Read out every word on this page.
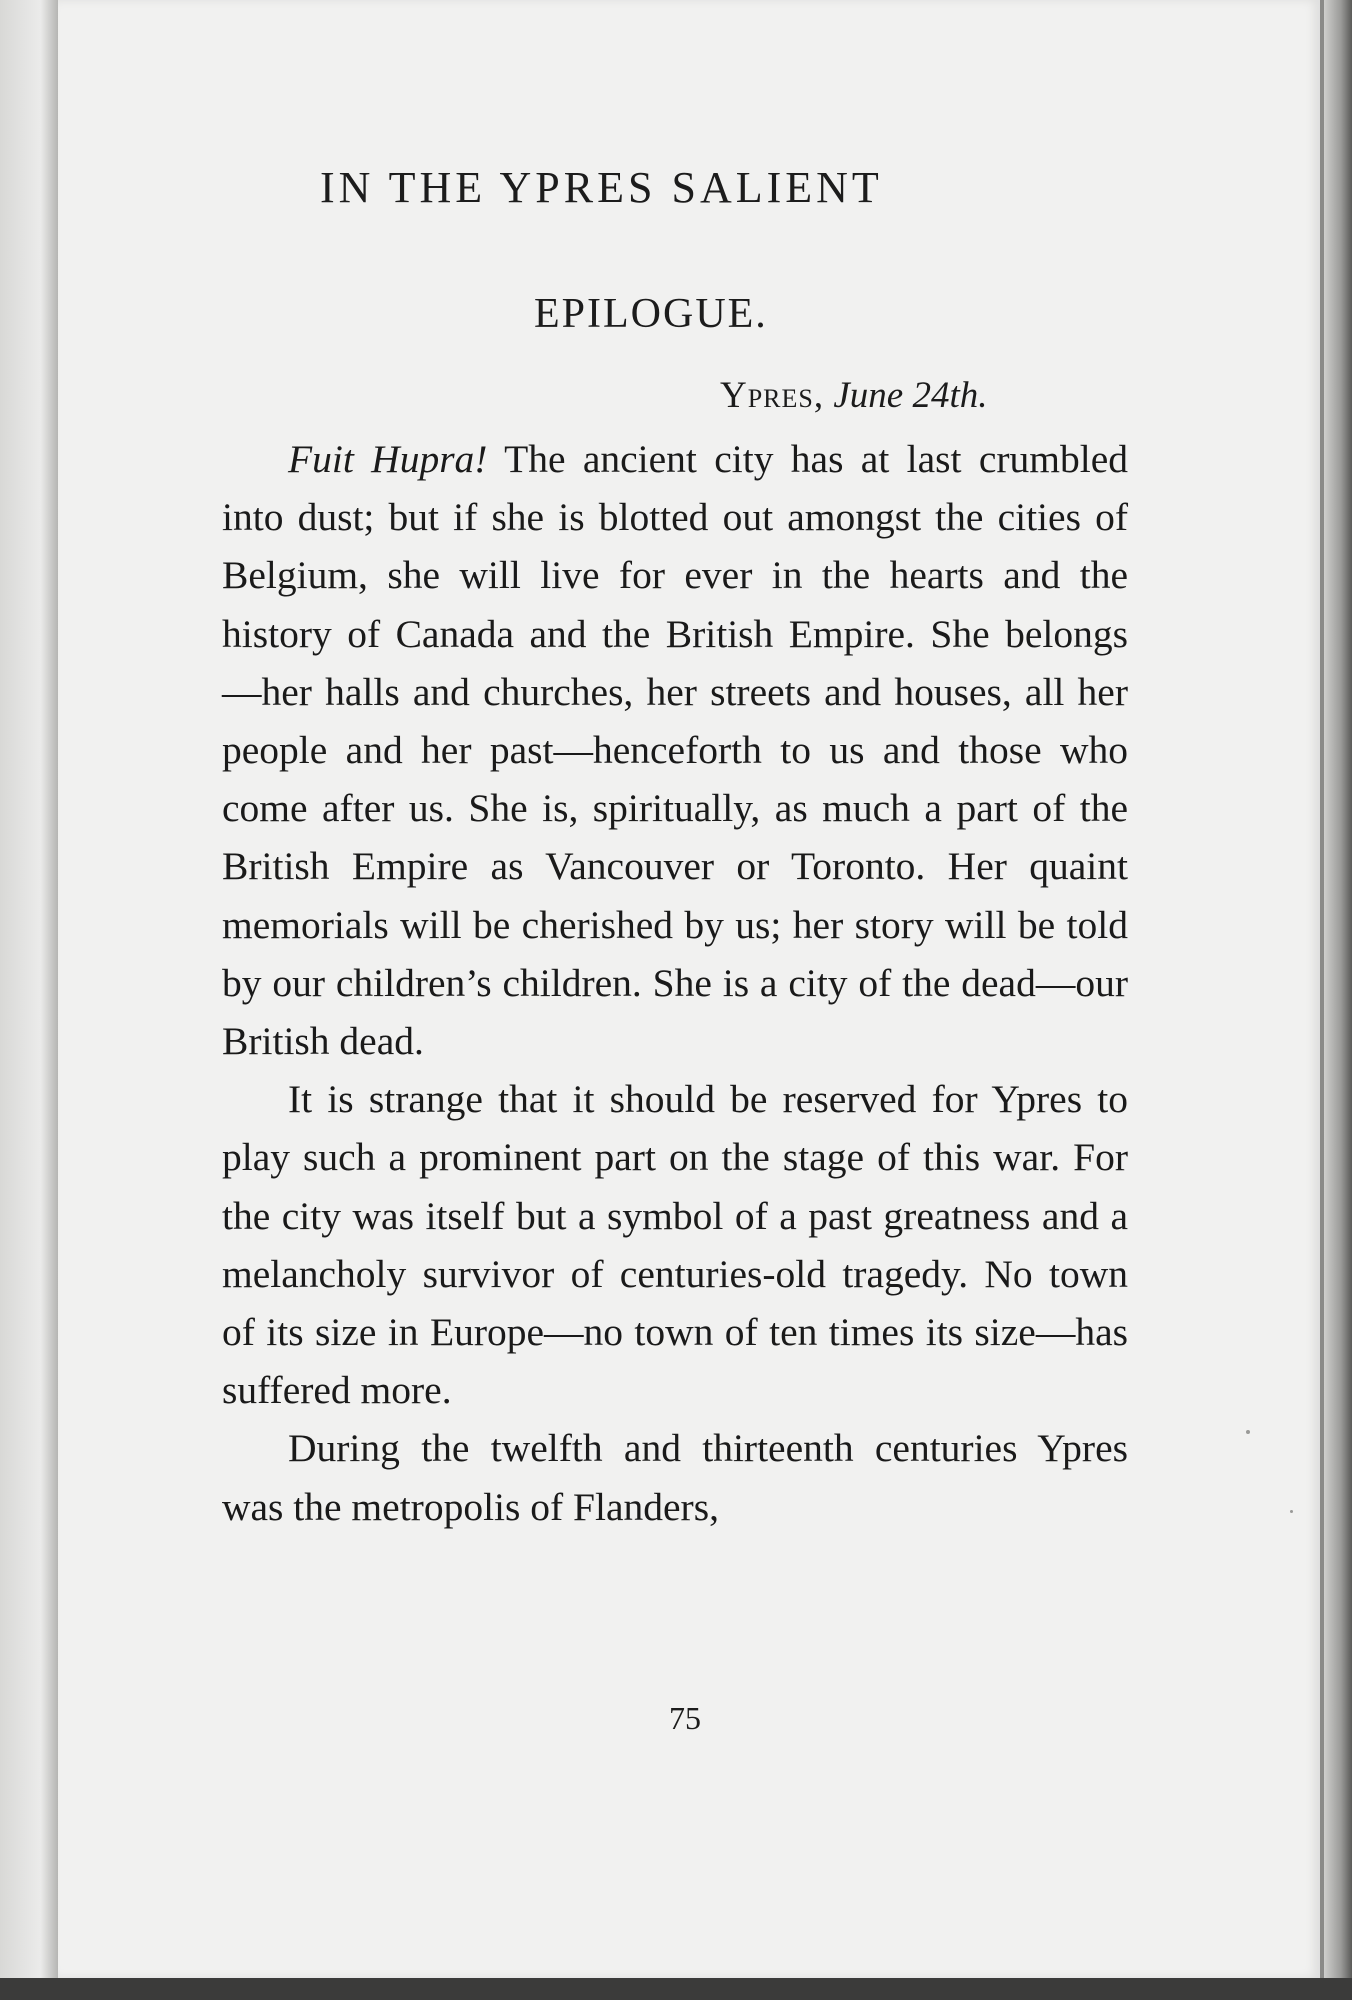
IN THE YPRES SALIENT
EPILOGUE.
Ypres, June 24th.

Fuit Hupra! The ancient city has at last crumbled into dust; but if she is blotted out amongst the cities of Belgium, she will live for ever in the hearts and the history of Canada and the British Empire. She belongs —her halls and churches, her streets and houses, all her people and her past—henceforth to us and those who come after us. She is, spiritually, as much a part of the British Empire as Vancouver or Toronto. Her quaint memorials will be cherished by us; her story will be told by our children’s children. She is a city of the dead—our British dead.

It is strange that it should be reserved for Ypres to play such a prominent part on the stage of this war. For the city was itself but a symbol of a past greatness and a melancholy survivor of centuries-old tragedy. No town of its size in Europe—no town of ten times its size—has suffered more.

During the twelfth and thirteenth centuries Ypres was the metropolis of Flanders,

75
